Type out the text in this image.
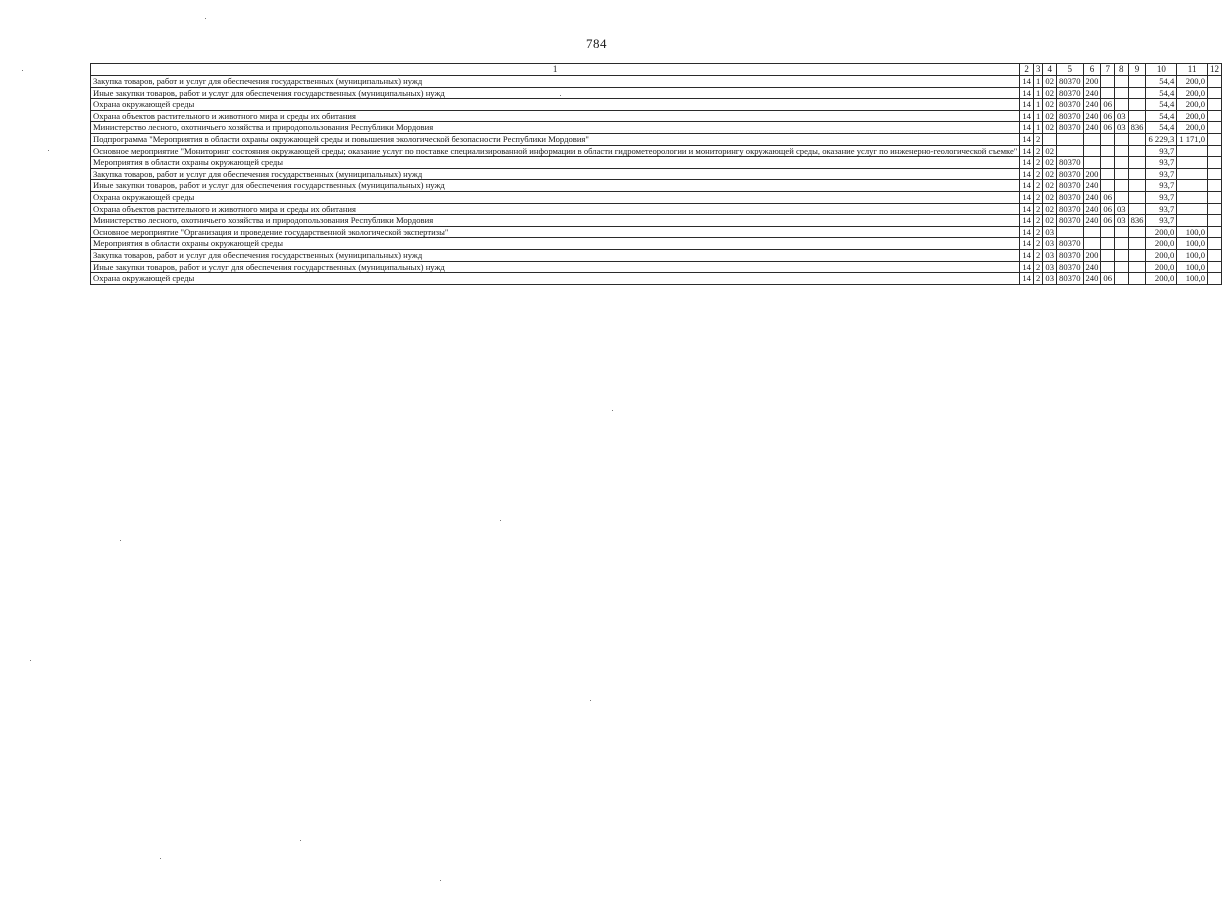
784
1	2	3	4	5	6	7	8	9	10	11	12
Закупка товаров, работ и услуг для обеспечения государственных (муниципальных) нужд	14	1	02	80370	200				54,4	200,0	
Иные закупки товаров, работ и услуг для обеспечения государственных (муниципальных) нужд	14	1	02	80370	240				54,4	200,0	
Охрана окружающей среды	14	1	02	80370	240	06			54,4	200,0	
Охрана объектов растительного и животного мира и среды их обитания	14	1	02	80370	240	06	03		54,4	200,0	
Министерство лесного, охотничьего хозяйства и природопользования Республики Мордовия	14	1	02	80370	240	06	03	836	54,4	200,0	
Подпрограмма "Мероприятия в области охраны окружающей среды и повышения экологической безопасности Республики Мордовия"	14	2							6 229,3	1 171,0	
Основное мероприятие "Мониторинг состояния окружающей среды; оказание услуг по поставке специализированной информации в области гидрометеорологии и мониторингу окружающей среды, оказание услуг по инженерно-геологической съемке"	14	2	02						93,7		
Мероприятия в области охраны окружающей среды	14	2	02	80370					93,7		
Закупка товаров, работ и услуг для обеспечения государственных (муниципальных) нужд	14	2	02	80370	200				93,7		
Иные закупки товаров, работ и услуг для обеспечения государственных (муниципальных) нужд	14	2	02	80370	240				93,7		
Охрана окружающей среды	14	2	02	80370	240	06			93,7		
Охрана объектов растительного и животного мира и среды их обитания	14	2	02	80370	240	06	03		93,7		
Министерство лесного, охотничьего хозяйства и природопользования Республики Мордовия	14	2	02	80370	240	06	03	836	93,7		
Основное мероприятие "Организация и проведение государственной экологической экспертизы"	14	2	03						200,0	100,0	
Мероприятия в области охраны окружающей среды	14	2	03	80370					200,0	100,0	
Закупка товаров, работ и услуг для обеспечения государственных (муниципальных) нужд	14	2	03	80370	200				200,0	100,0	
Иные закупки товаров, работ и услуг для обеспечения государственных (муниципальных) нужд	14	2	03	80370	240				200,0	100,0	
Охрана окружающей среды	14	2	03	80370	240	06			200,0	100,0	
